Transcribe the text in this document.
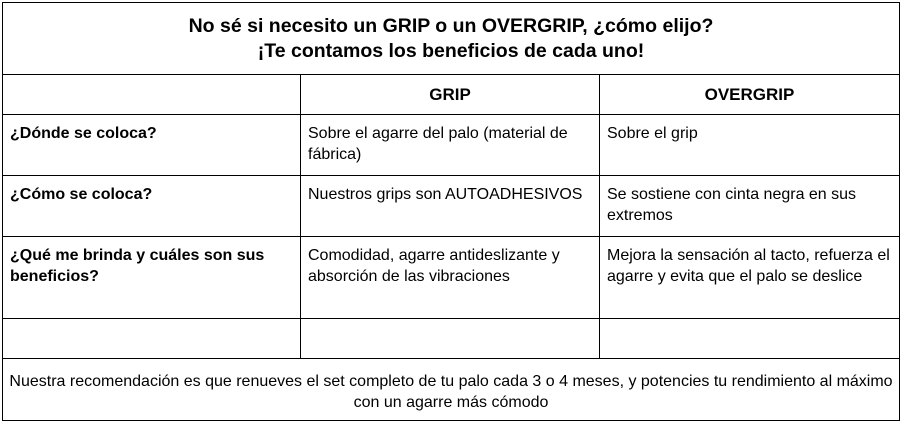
No sé si necesito un GRIP o un OVERGRIP, ¿cómo elijo?
¡Te contamos los beneficios de cada uno!		

	GRIP	OVERGRIP
¿Dónde se coloca?	Sobre el agarre del palo (material de fábrica)	Sobre el grip
¿Cómo se coloca?	Nuestros grips son AUTOADHESIVOS	Se sostiene con cinta negra en sus extremos
¿Qué me brinda y cuáles son sus beneficios?	Comodidad, agarre antideslizante y absorción de las vibraciones	Mejora la sensación al tacto, refuerza el agarre y evita que el palo se deslice

Nuestra recomendación es que renueves el set completo de tu palo cada 3 o 4 meses, y potencies tu rendimiento al máximo con un agarre más cómodo		
